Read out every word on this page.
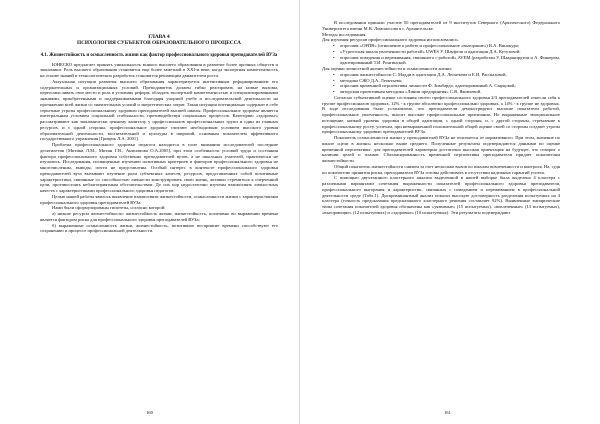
ГЛАВА 4
ПСИХОЛОГИЯ СУБЪЕКТОВ ОБРАЗОВАТЕЛЬНОГО ПРОЦЕССА
4.1. Жизнестойкость и осмысленность жизни как фактор профессионального здоровья преподавателей ВУЗа

ЮНЕСКО предлагает принять уникальность всякого высшего образования в развитие более прочных обществ и экономики. Роль высшего образования становится еще более заметной в XXI-м веке, когда экспертная компетентность на основе знаний и технологических разработок становится решающим движителем роста.

Актуальная ситуация развития высшего образования характеризуется интенсивным реформированием его содержательных и организационных условий. Преподаватель должен гибко реагировать на новые вызовы, переосмысливать свое место и роль в условиях реформ, обладать экспертной компетентностью и специализированными знаниями, приобретенными и поддерживаемыми благодаря упорной учебе и исследовательской деятельности на протяжении всей жизни со значительных усилий и энергетических затрат. Такая ситуация потенциально содержит в себе серьезные угрозы профессиональному здоровью преподавателей высшей школы. Профессиональное здоровье является интегральным условием социальной стабильности, противодействуя социальных процессов. Категорию «здоровье» рассматривают как экономически ценному капиталу у профессионалов профессиональных групп и один из главных ресурсов, и с одной стороны, профессиональное здоровье считают необходимым условием высокого уровня образовательной деятельности, воспитательной и культуры в широкий, основным показателем эффективного государственного управления [Грицюк Л.А. 2001].

Проблема профессионального здоровья педагога находится в поле внимания исследователей последние десятилетия [Митина Л.М., Митин Г.В., Анисимова О.А.2005], при этом особенности условий труда и состояния фактора профессионального здоровья собственно преподавателей вузов, а не школьных учителей, практически не изучались. Исследования, посвященные изучению позитивных критериев и факторов профессионального здоровья не многочисленны, выводы, почти не представлены. Особый интерес в контексте профессионального здоровья преподавателей вуза вызывают изучение роли субъектных качеств, ресурсов, представленных собой позитивные характеристики, связанные со способностью личности конструировать свою жизнь, активно стремиться к очерченной цели, противостоять неблагоприятным обстоятельствам. До сих пор недостаточно изучены взаимосвязь личностных качеств с характеристиками профессионального здоровья педагогов.

Целью нашей работы явилось выявление взаимосвязи жизнестойкости, осмысленности жизни с характеристиками профессионального здоровья преподавателей ВУЗа.

Нами были сформулированы гипотезы, согласно которой:

а) низкие ресурсы жизнестойкости: жизнестойкость жизни, жизнестойкость, позитивно во выражении времени является фактором риска для профессионального здоровья преподавателей ВУЗа;

б) выраженные осмысленность жизни, жизнестойкость, позитивное восприятие времени способствуют его сохранению и процессе профессиональной деятельности.

160

В исследовании приняли участие 50 преподавателей из 9 институтов Северного (Арктического) Федерального Университета имени М.В. Ломоносова в г. Архангельске.

Методы исследования.

Для изучения ресурсов профессионального здоровья использовались:

• опросник «ОРПВ» (отношение к работе и профессиональное «выгорание») В.А. Винокура;
• «Утрехтская шкала увлеченности работой» UWES У. Шауфели и адаптация Д.А. Кутузовой;
• опросник поведения и переживания, связанного с работой» AVEM (разработан У. Шаарширдтом и А. Фишером, адаптированный Т.И. Ронгинской.

Для оценки личностной жизнестойкости и осмысленности жизни:

• опросник жизнестойкости С. Мадди в адаптации Д.А. Леонтьева и Е.И. Рассказовой;
• методика СЖО Д.А. Леонтьева;
• опросник временной перспективы личности Ф. Зимбардо, адаптированный А. Сырцовой;
• авторская проективная методика «Линии предприятия» С.В. Яковлевой.

Согласно субъективной оценке состояния своего профессионального здоровья 2/3 преподавателей отнесли себя к группе профессионалов здоровых, 12% - к группе абсолютно профессионально здоровых, а 14% - к группе не здоровых. В ходе исследования было установлено, что преподаватели демонстрируют высокие показатели работой, профессиональное увлеченность, вносят высокие профессиональные притязания. Но выраженные эмоциональное истощение, низкий уровень здоровья в общей адаптации, с одной стороны, и, с другой стороны, стремление к профессиональному росту, успехам, при невыраженной положительной общей оценке своей со стороны создают угрозы профессиональному здоровью преподавателей ВУЗа.

Показатель осмысленности жизни у преподавателей ВУЗа не отличается от нормативного. При этом, значение по шкале «цели в жизни» несколько выше среднего. Полученные результаты подтверждаются данными по оценке временной перспективы: для преподавателей характерна достаточно высокая ориентация на будущее, что говорит о наличии целей и планов. Сбалансированность временной перспективы преподаватели придает показателям жизнестойкости.

Общий показатель жизнестойкости снижен за счет несколько вызов по шкалам вовлеченности и контроля. На, судя по показателю принятия риска, преподаватели ВУЗа готовы действовать в отсутствии надежных гарантий успеха.

С помощью двухэтапного кластерного анализа выделенной в нашей выборке была выделена 4 кластера с различными вариантами сочетания выраженности показателей профессионального здоровья преподавателя, профессионального выгорания и характеристик, связанных с поведением и переживанием в профессиональной деятельности среде (Табл.1). Дискриминантный анализ показал высокую достоверность разделения испытуемых на 4 кластера (точность предсказания предсказанного кластерного решения составляет 92%). Выявленные эмпирические типы сочетания показателей здоровья обозначены как «уязвимые» (15 испытуемых), «вовлеченные» (13 испытуемых), «выгорающие» (12 испытуемых) и «здоровые» (10 испытуемых). Эти результаты подтверждают

161
